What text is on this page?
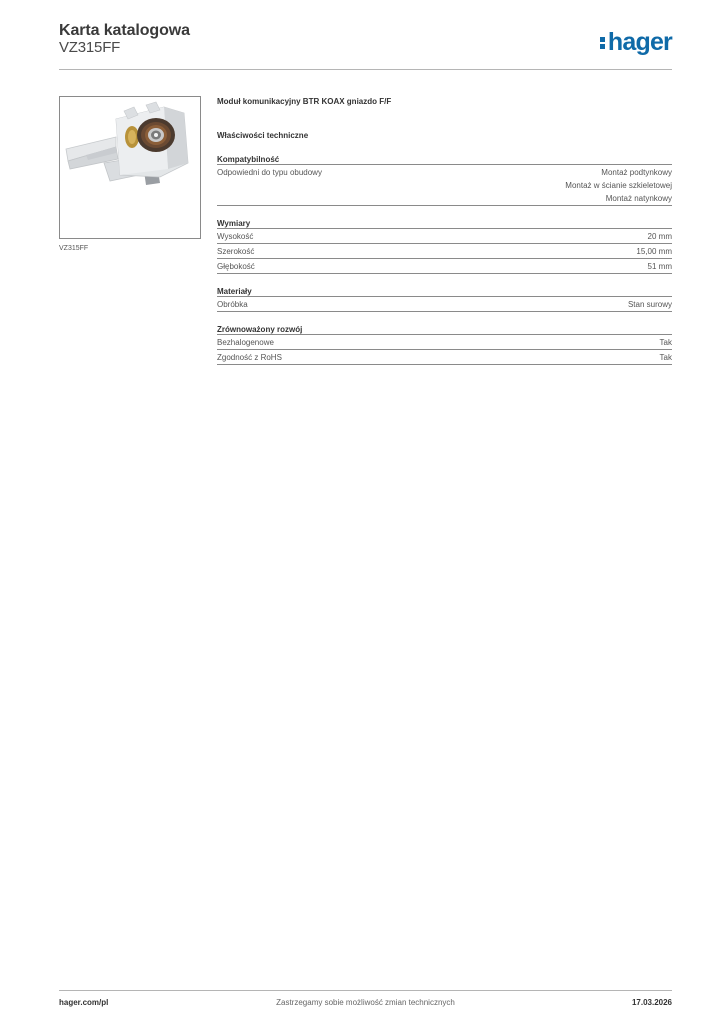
Karta katalogowa
VZ315FF	hager
VZ315FF
Moduł komunikacyjny BTR KOAX gniazdo F/F
Właściwości techniczne
Kompatybilność
Odpowiedni do typu obudowy	Montaż podtynkowy
Montaż w ścianie szkieletowej
Montaż natynkowy
Wymiary
Wysokość	20 mm
Szerokość	15,00 mm
Głębokość	51 mm
Materiały
Obróbka	Stan surowy
Zrównoważony rozwój
Bezhalogenowe	Tak
Zgodność z RoHS	Tak
hager.com/pl	Zastrzegamy sobie możliwość zmian technicznych	17.03.2026
